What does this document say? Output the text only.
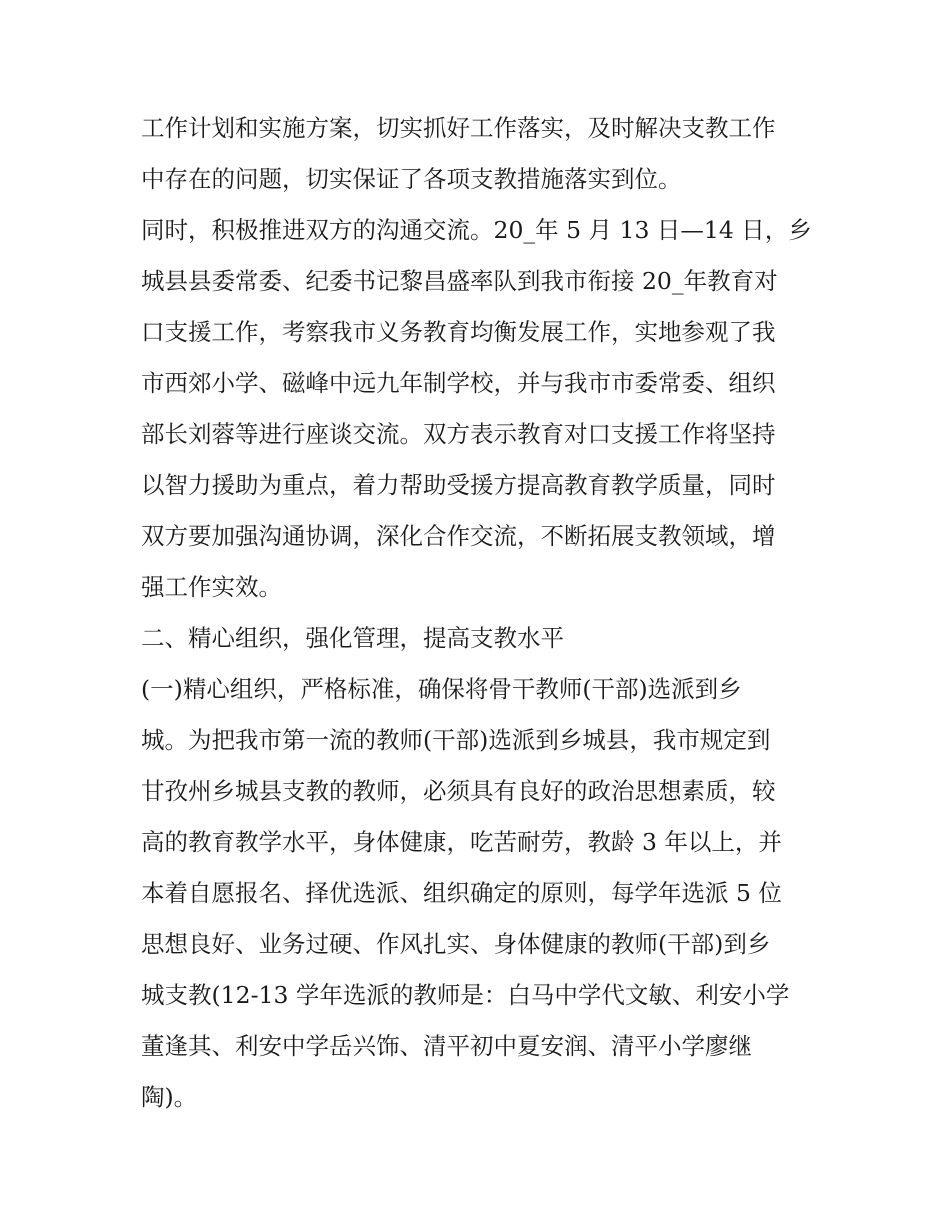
工作计划和实施方案，切实抓好工作落实，及时解决支教工作
中存在的问题，切实保证了各项支教措施落实到位。
同时，积极推进双方的沟通交流。20_年 5 月 13 日—14 日，乡
城县县委常委、纪委书记黎昌盛率队到我市衔接 20_年教育对
口支援工作，考察我市义务教育均衡发展工作，实地参观了我
市西郊小学、磁峰中远九年制学校，并与我市市委常委、组织
部长刘蓉等进行座谈交流。双方表示教育对口支援工作将坚持
以智力援助为重点，着力帮助受援方提高教育教学质量，同时
双方要加强沟通协调，深化合作交流，不断拓展支教领域，增
强工作实效。
二、精心组织，强化管理，提高支教水平
(一)精心组织，严格标准，确保将骨干教师(干部)选派到乡
城。为把我市第一流的教师(干部)选派到乡城县，我市规定到
甘孜州乡城县支教的教师，必须具有良好的政治思想素质，较
高的教育教学水平，身体健康，吃苦耐劳，教龄 3 年以上，并
本着自愿报名、择优选派、组织确定的原则，每学年选派 5 位
思想良好、业务过硬、作风扎实、身体健康的教师(干部)到乡
城支教(12-13 学年选派的教师是：白马中学代文敏、利安小学
董逢其、利安中学岳兴饰、清平初中夏安润、清平小学廖继
陶)。
